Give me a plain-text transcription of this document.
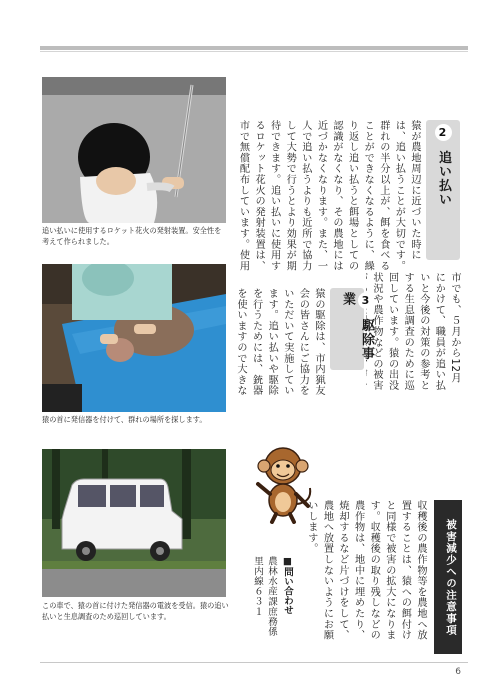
追い払いに使用するロケット花火の発射装置。安全性を考えて作られました。
猿の首に発信器を付けて、群れの場所を探します。
この車で、猿の首に付けた発信器の電波を受信。猿の追い払いと生息調査のため巡回しています。
2 追い払い
猿が農地周辺に近づいた時には、追い払うことが大切です。群れの半分以上が、餌を食べることができなくなるように、繰り返し追い払うと餌場としての認識がなくなり、その農地には近づかなくなります。また、一人で追い払うよりも近所で協力して大勢で行うとより効果が期待できます。追い払いに使用するロケット花火の発射装置は、市で無償配布しています。使用
3 駆除事業
市でも、５月から12月にかけて、職員が追い払いと今後の対策の参考とする生息調査のために巡回しています。猿の出没状況や農作物などの被害
猿の駆除は、市内猟友会の皆さんにご協力をいただいて実施しています。追い払いや駆除を行うためには、銃器を使いますので大きな
被害減少への注意事項
収穫後の農作物等を農地へ放置することは、猿への餌付けと同様で被害の拡大になります。収穫後の取り残しなどの農作物は、地中に埋めたり、焼却するなど片づけをして、農地へ放置しないようにお願いします。
■問い合わせ
農林水産課庶務係　里内線６３１
6
